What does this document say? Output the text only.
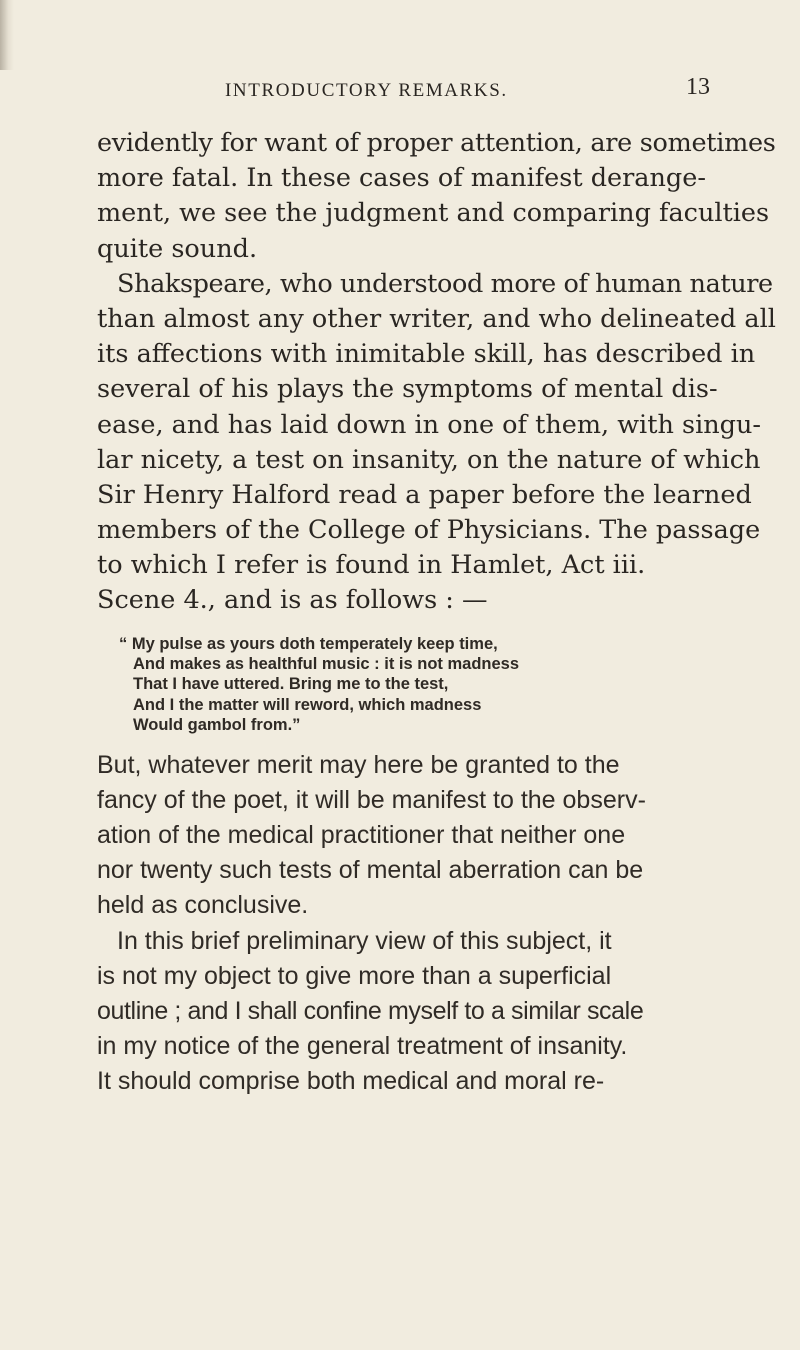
INTRODUCTORY REMARKS.	13
evidently for want of proper attention, are sometimes
more fatal. In these cases of manifest derange-
ment, we see the judgment and comparing faculties
quite sound.
Shakspeare, who understood more of human nature
than almost any other writer, and who delineated all
its affections with inimitable skill, has described in
several of his plays the symptoms of mental dis-
ease, and has laid down in one of them, with singu-
lar nicety, a test on insanity, on the nature of which
Sir Henry Halford read a paper before the learned
members of the College of Physicians. The passage
to which I refer is found in Hamlet, Act iii.
Scene 4., and is as follows : —
“ My pulse as yours doth temperately keep time,
And makes as healthful music : it is not madness
That I have uttered. Bring me to the test,
And I the matter will reword, which madness
Would gambol from.”
But, whatever merit may here be granted to the
fancy of the poet, it will be manifest to the observ-
ation of the medical practitioner that neither one
nor twenty such tests of mental aberration can be
held as conclusive.
In this brief preliminary view of this subject, it
is not my object to give more than a superficial
outline ; and I shall confine myself to a similar scale
in my notice of the general treatment of insanity.
It should comprise both medical and moral re-
